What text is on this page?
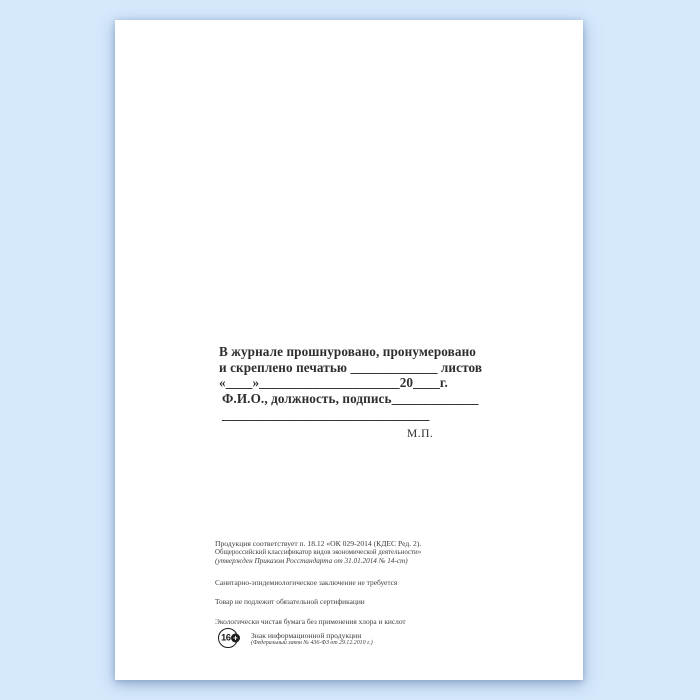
В журнале прошнуровано, пронумеровано
и скреплено печатью _____________ листов
«____»_____________________20____г.
Ф.И.О., должность, подпись_____________
_______________________________
М.П.
Продукция соответствует п. 18.12 «ОК 029-2014 (КДЕС Ред. 2).
Общероссийский классификатор видов экономической деятельности»
(утвержден Приказом Росстандарта от 31.01.2014 № 14-ст)
Санитарно-эпидемиологическое заключение не требуется
Товар не подлежит обязательной сертификации
Экологически чистая бумага без применения хлора и кислот
16 + Знак информационной продукции
(Федеральный закон № 436-ФЗ от 29.12.2010 г.)
